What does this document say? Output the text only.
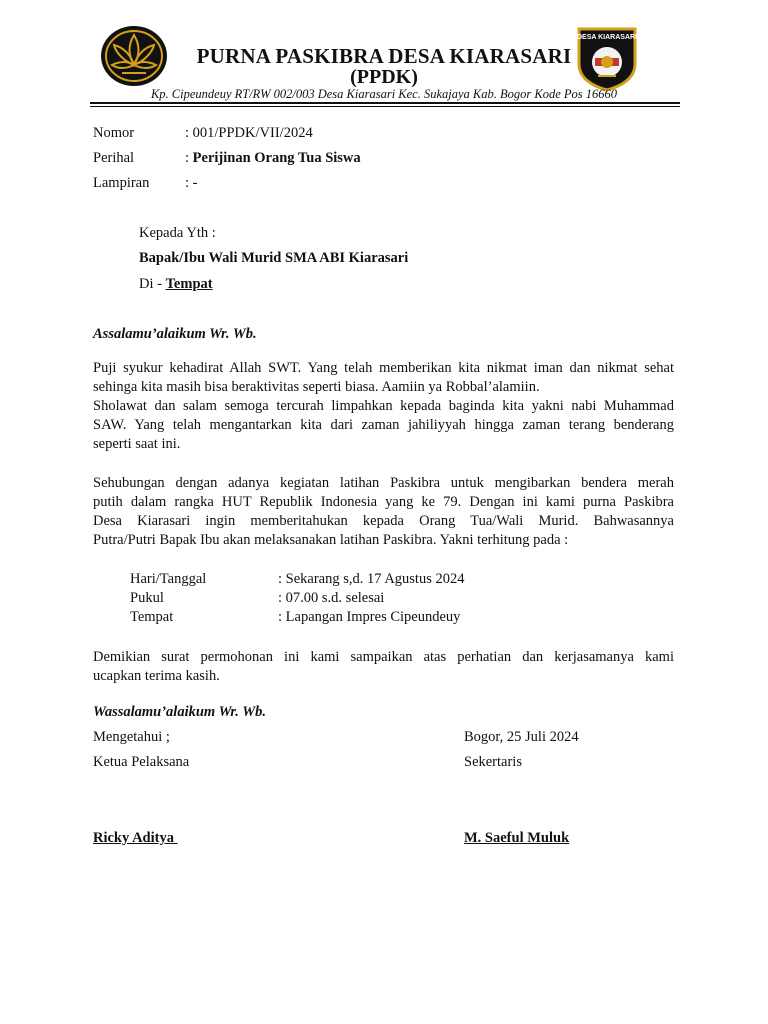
DESA KIARASARI
PURNA PASKIBRA DESA KIARASARI
(PPDK)
Kp. Cipeundeuy RT/RW 002/003 Desa Kiarasari Kec. Sukajaya Kab. Bogor Kode Pos 16660
Nomor	: 001/PPDK/VII/2024
Perihal	: Perijinan Orang Tua Siswa
Lampiran : -
Kepada Yth :
Bapak/Ibu Wali Murid SMA ABI Kiarasari
Di - Tempat
Assalamu’alaikum Wr. Wb.
Puji syukur kehadirat Allah SWT. Yang telah memberikan kita nikmat iman dan nikmat sehat
sehinga kita masih bisa beraktivitas seperti biasa. Aamiin ya Robbal’alamiin.
Sholawat dan salam semoga tercurah limpahkan kepada baginda kita yakni nabi Muhammad
SAW. Yang telah mengantarkan kita dari zaman jahiliyyah hingga zaman terang benderang
seperti saat ini.
Sehubungan dengan adanya kegiatan latihan Paskibra untuk mengibarkan bendera merah
putih dalam rangka HUT Republik Indonesia yang ke 79. Dengan ini kami purna Paskibra
Desa Kiarasari ingin memberitahukan kepada Orang Tua/Wali Murid. Bahwasannya
Putra/Putri Bapak Ibu akan melaksanakan latihan Paskibra. Yakni terhitung pada :
Hari/Tanggal	: Sekarang s,d. 17 Agustus 2024
Pukul	: 07.00 s.d. selesai
Tempat	: Lapangan Impres Cipeundeuy
Demikian surat permohonan ini kami sampaikan atas perhatian dan kerjasamanya kami
ucapkan terima kasih.
Wassalamu’alaikum Wr. Wb.
Mengetahui ;	Bogor, 25 Juli 2024
Ketua Pelaksana	Sekertaris
Ricky Aditya	M. Saeful Muluk
